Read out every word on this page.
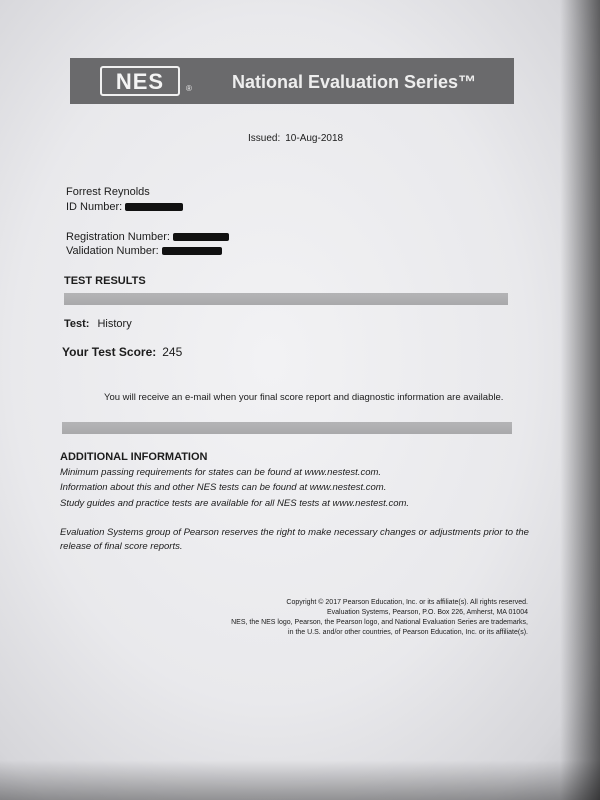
NES	® National Evaluation Series™
Issued: 10-Aug-2018
Forrest Reynolds
ID Number:
Registration Number:
Validation Number:
TEST RESULTS
Test: History
Your Test Score: 245
You will receive an e-mail when your final score report and diagnostic information are available.
ADDITIONAL INFORMATION
Minimum passing requirements for states can be found at www.nestest.com.
Information about this and other NES tests can be found at www.nestest.com.
Study guides and practice tests are available for all NES tests at www.nestest.com.
Evaluation Systems group of Pearson reserves the right to make necessary changes or adjustments prior to the
release of final score reports.
Copyright © 2017 Pearson Education, Inc. or its affiliate(s). All rights reserved.
Evaluation Systems, Pearson, P.O. Box 226, Amherst, MA 01004
NES, the NES logo, Pearson, the Pearson logo, and National Evaluation Series are trademarks,
in the U.S. and/or other countries, of Pearson Education, Inc. or its affiliate(s).
